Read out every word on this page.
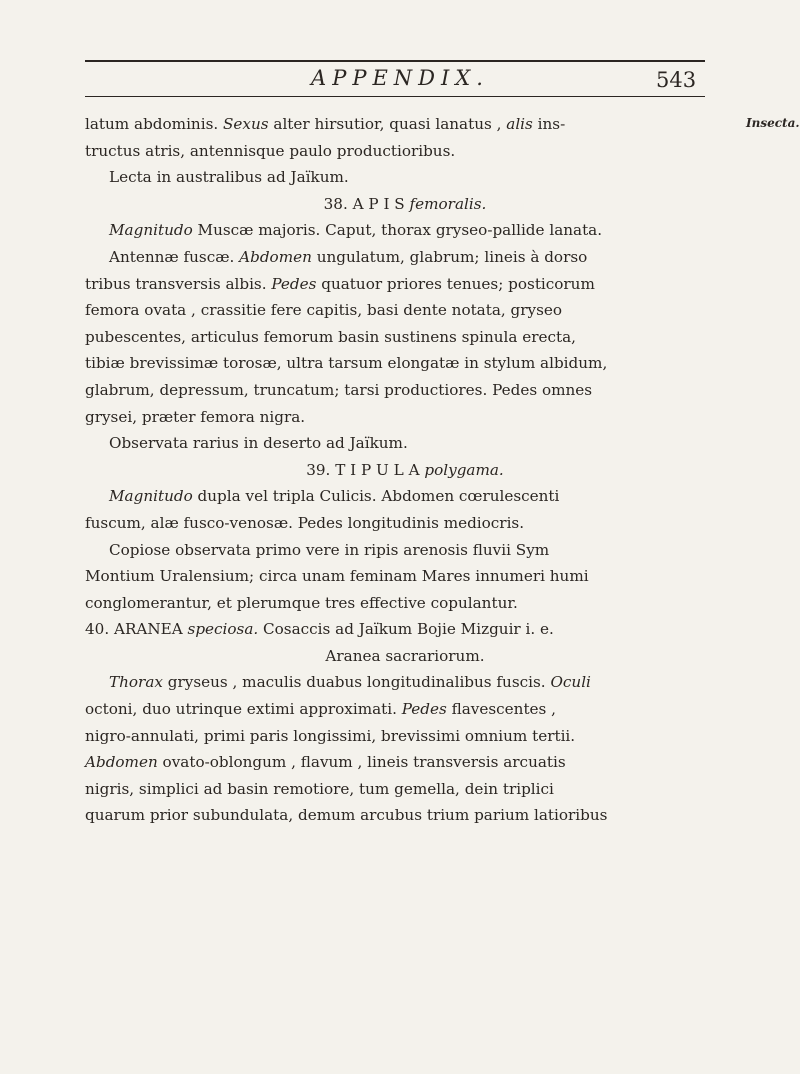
APPENDIX.	543
Insecta.
latum abdominis. Sexus alter hirsutior, quasi lanatus , alis ins-
tructus atris, antennisque paulo productioribus.
Lecta in australibus ad Jaïkum.
38. A P I S femoralis.
Magnitudo Muscæ majoris. Caput, thorax gryseo-pallide lanata.
Antennæ fuscæ. Abdomen ungulatum, glabrum; lineis à dorso
tribus transversis albis. Pedes quatuor priores tenues; posticorum
femora ovata , crassitie fere capitis, basi dente notata, gryseo
pubescentes, articulus femorum basin sustinens spinula erecta,
tibiæ brevissimæ torosæ, ultra tarsum elongatæ in stylum albidum,
glabrum, depressum, truncatum; tarsi productiores. Pedes omnes
grysei, præter femora nigra.
Observata rarius in deserto ad Jaïkum.
39. T I P U L A polygama.
Magnitudo dupla vel tripla Culicis. Abdomen cœrulescenti
fuscum, alæ fusco-venosæ. Pedes longitudinis mediocris.
Copiose observata primo vere in ripis arenosis fluvii Sym
Montium Uralensium; circa unam feminam Mares innumeri humi
conglomerantur, et plerumque tres effective copulantur.
40. ARANEA speciosa. Cosaccis ad Jaïkum Bojie Mizguir i. e.
Aranea sacrariorum.
Thorax gryseus , maculis duabus longitudinalibus fuscis. Oculi
octoni, duo utrinque extimi approximati. Pedes flavescentes ,
nigro-annulati, primi paris longissimi, brevissimi omnium tertii.
Abdomen ovato-oblongum , flavum , lineis transversis arcuatis
nigris, simplici ad basin remotiore, tum gemella, dein triplici
quarum prior subundulata, demum arcubus trium parium latioribus
